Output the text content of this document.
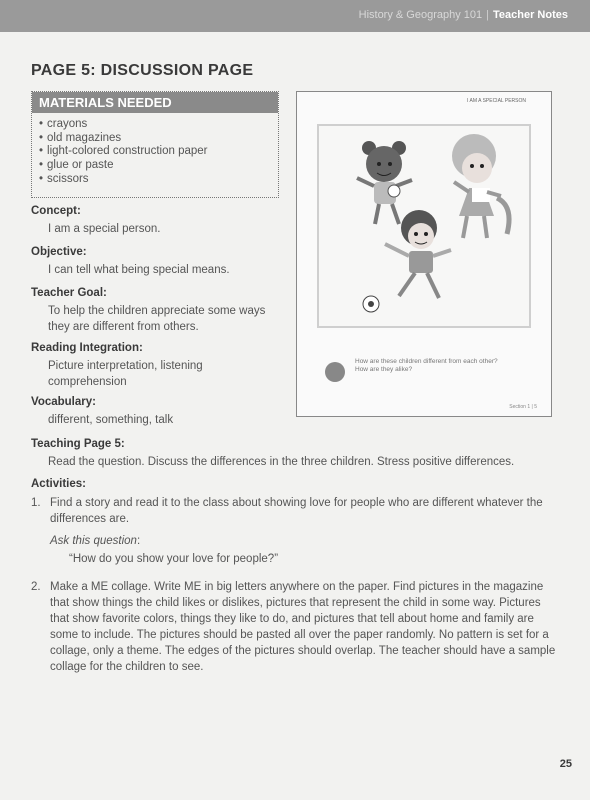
History & Geography 101 | Teacher Notes
PAGE 5: DISCUSSION PAGE
MATERIALS NEEDED
• crayons
• old magazines
• light-colored construction paper
• glue or paste
• scissors
Concept:
I am a special person.
Objective:
I can tell what being special means.
Teacher Goal:
To help the children appreciate some ways they are different from others.
Reading Integration:
Picture interpretation, listening comprehension
Vocabulary:
different, something, talk
I AM A SPECIAL PERSON
How are these children different from each other?
How are they alike?
Section 1 | 5
Teaching Page 5:
Read the question. Discuss the differences in the three children. Stress positive differences.
Activities:
1. Find a story and read it to the class about showing love for people who are different whatever the differences are.
Ask this question:
“How do you show your love for people?”
2. Make a ME collage. Write ME in big letters anywhere on the paper. Find pictures in the magazine that show things the child likes or dislikes, pictures that represent the child in some way. Pictures that show favorite colors, things they like to do, and pictures that tell about home and family are some to include. The pictures should be pasted all over the paper randomly. No pattern is set for a collage, only a theme. The edges of the pictures should overlap. The teacher should have a sample collage for the children to see.
25
